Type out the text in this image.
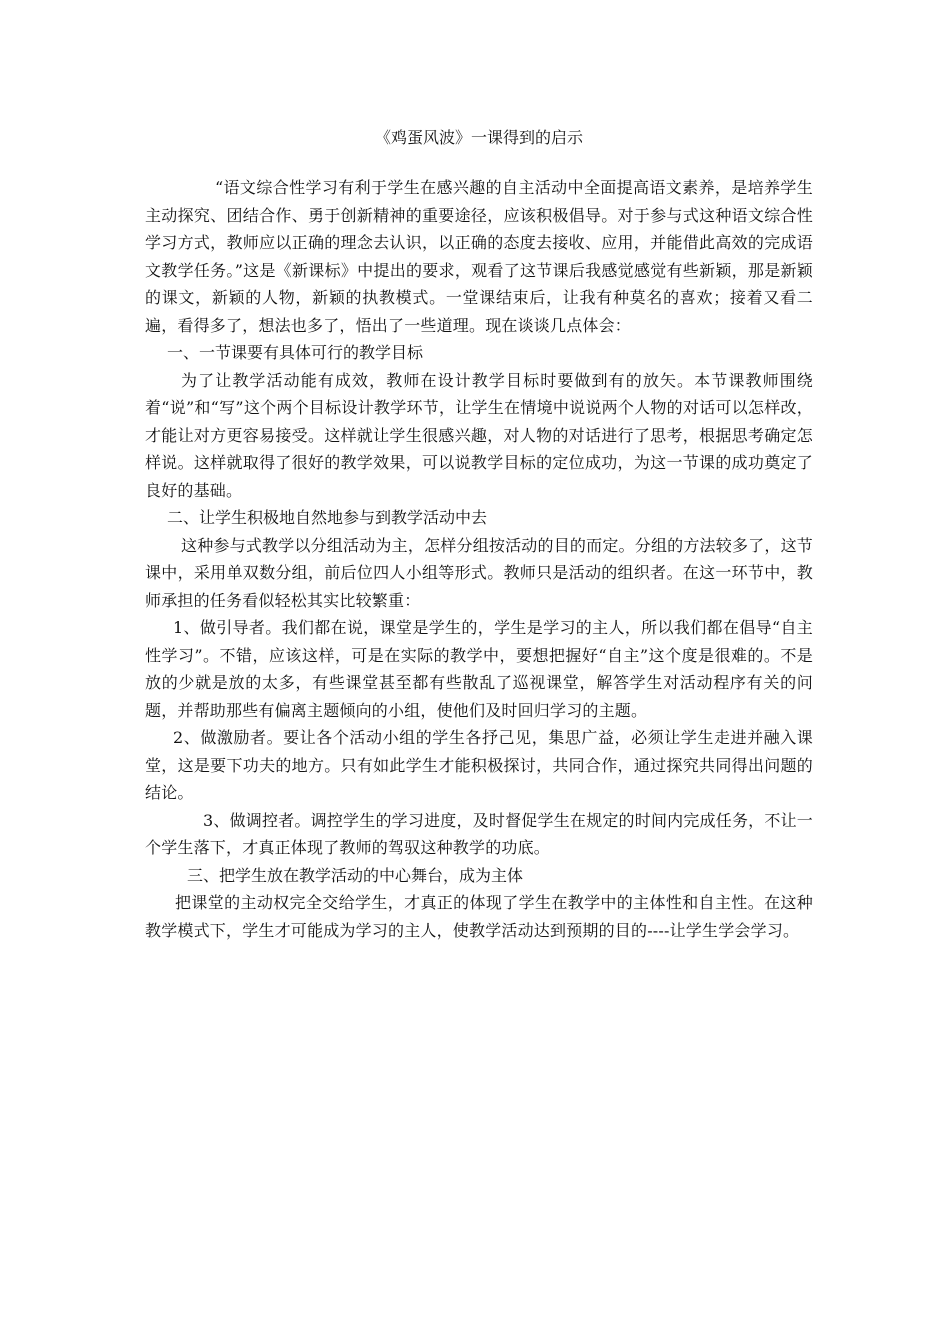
《鸡蛋风波》一课得到的启示

“语文综合性学习有利于学生在感兴趣的自主活动中全面提高语文素养，是培养学生主动探究、团结合作、勇于创新精神的重要途径，应该积极倡导。对于参与式这种语文综合性学习方式，教师应以正确的理念去认识，以正确的态度去接收、应用，并能借此高效的完成语文教学任务。”这是《新课标》中提出的要求，观看了这节课后我感觉感觉有些新颖，那是新颖的课文，新颖的人物，新颖的执教模式。一堂课结束后，让我有种莫名的喜欢；接着又看二遍，看得多了，想法也多了，悟出了一些道理。现在谈谈几点体会：

一、一节课要有具体可行的教学目标

为了让教学活动能有成效，教师在设计教学目标时要做到有的放矢。本节课教师围绕着“说”和“写”这个两个目标设计教学环节，让学生在情境中说说两个人物的对话可以怎样改，才能让对方更容易接受。这样就让学生很感兴趣，对人物的对话进行了思考，根据思考确定怎样说。这样就取得了很好的教学效果，可以说教学目标的定位成功，为这一节课的成功奠定了良好的基础。

二、让学生积极地自然地参与到教学活动中去

这种参与式教学以分组活动为主，怎样分组按活动的目的而定。分组的方法较多了，这节课中，采用单双数分组，前后位四人小组等形式。教师只是活动的组织者。在这一环节中，教师承担的任务看似轻松其实比较繁重：

1、做引导者。我们都在说，课堂是学生的，学生是学习的主人，所以我们都在倡导“自主性学习”。不错，应该这样，可是在实际的教学中，要想把握好“自主”这个度是很难的。不是放的少就是放的太多，有些课堂甚至都有些散乱了巡视课堂，解答学生对活动程序有关的问题，并帮助那些有偏离主题倾向的小组，使他们及时回归学习的主题。

2、做激励者。要让各个活动小组的学生各抒己见，集思广益，必须让学生走进并融入课堂，这是要下功夫的地方。只有如此学生才能积极探讨，共同合作，通过探究共同得出问题的结论。

3、做调控者。调控学生的学习进度，及时督促学生在规定的时间内完成任务，不让一个学生落下，才真正体现了教师的驾驭这种教学的功底。

三、把学生放在教学活动的中心舞台，成为主体

把课堂的主动权完全交给学生，才真正的体现了学生在教学中的主体性和自主性。在这种教学模式下，学生才可能成为学习的主人，使教学活动达到预期的目的----让学生学会学习。
